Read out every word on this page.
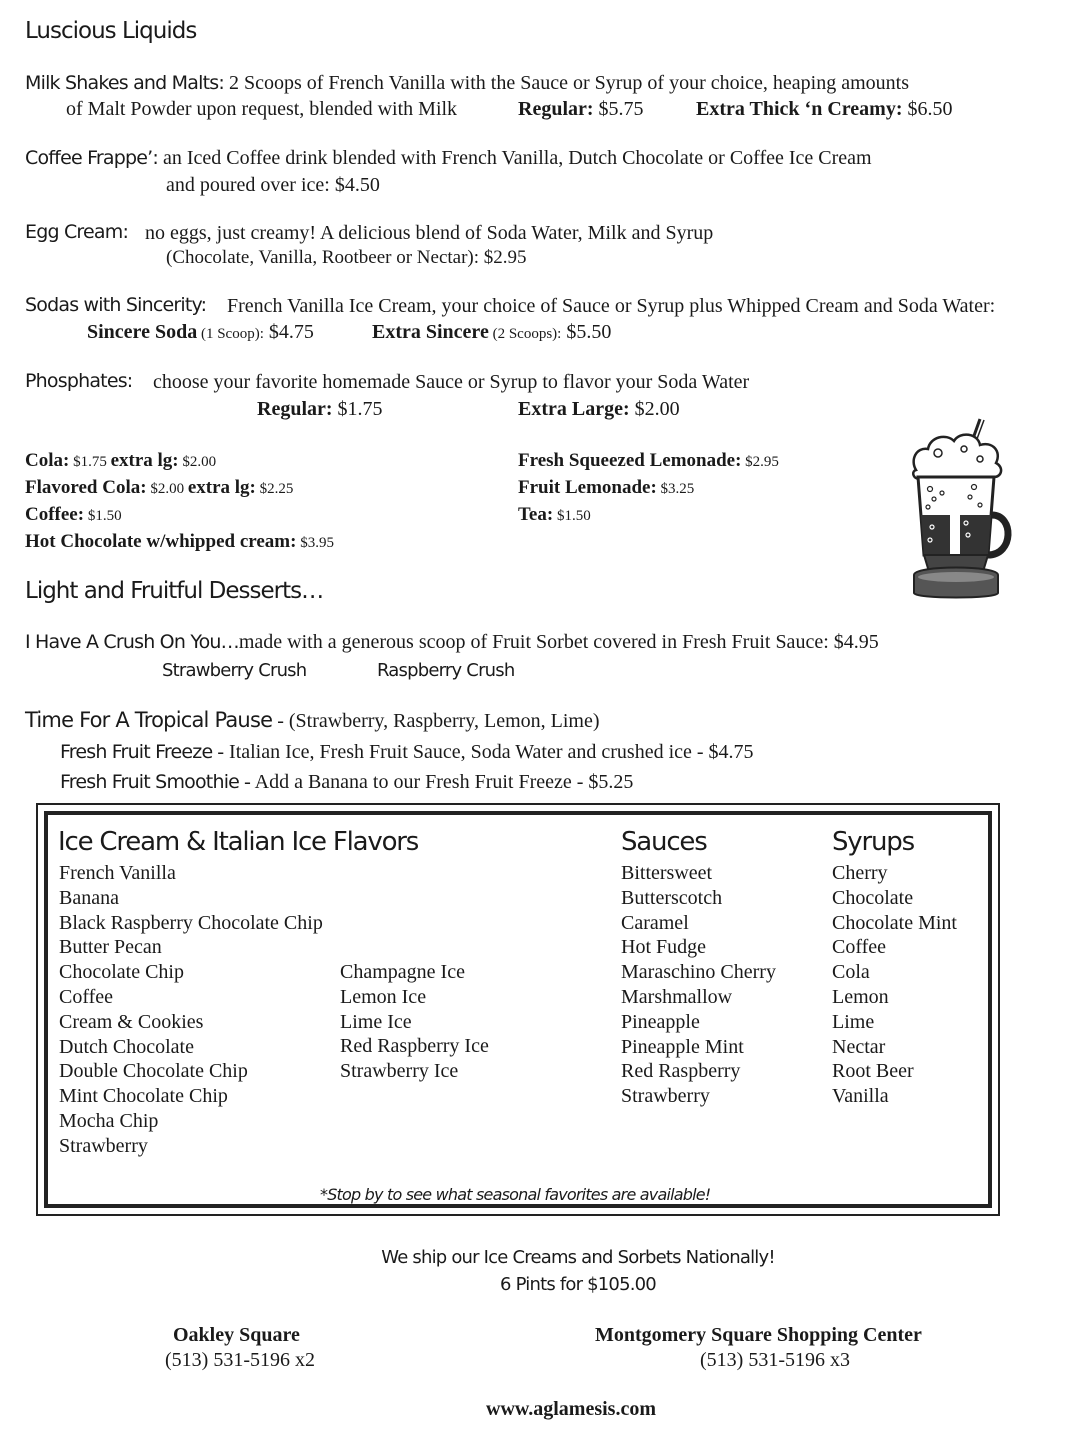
Luscious Liquids
Milk Shakes and Malts: 2 Scoops of French Vanilla with the Sauce or Syrup of your choice, heaping amounts
of Malt Powder upon request, blended with Milk	Regular: $5.75	Extra Thick ‘n Creamy: $6.50
Coffee Frappe’: an Iced Coffee drink blended with French Vanilla, Dutch Chocolate or Coffee Ice Cream
and poured over ice: $4.50
Egg Cream: no eggs, just creamy! A delicious blend of Soda Water, Milk and Syrup
(Chocolate, Vanilla, Rootbeer or Nectar): $2.95
Sodas with Sincerity: French Vanilla Ice Cream, your choice of Sauce or Syrup plus Whipped Cream and Soda Water:
Sincere Soda (1 Scoop): $4.75	Extra Sincere (2 Scoops): $5.50
Phosphates: choose your favorite homemade Sauce or Syrup to flavor your Soda Water
Regular: $1.75	Extra Large: $2.00
Cola: $1.75 extra lg: $2.00
Flavored Cola: $2.00 extra lg: $2.25
Coffee: $1.50
Hot Chocolate w/whipped cream: $3.95
Fresh Squeezed Lemonade: $2.95
Fruit Lemonade: $3.25
Tea: $1.50
Light and Fruitful Desserts…
I Have A Crush On You…made with a generous scoop of Fruit Sorbet covered in Fresh Fruit Sauce: $4.95
Strawberry Crush	Raspberry Crush
Time For A Tropical Pause - (Strawberry, Raspberry, Lemon, Lime)
Fresh Fruit Freeze - Italian Ice, Fresh Fruit Sauce, Soda Water and crushed ice - $4.75
Fresh Fruit Smoothie - Add a Banana to our Fresh Fruit Freeze - $5.25
Ice Cream & Italian Ice Flavors
French Vanilla
Banana
Black Raspberry Chocolate Chip
Butter Pecan
Chocolate Chip
Coffee
Cream & Cookies
Dutch Chocolate
Double Chocolate Chip
Mint Chocolate Chip
Mocha Chip
Strawberry
Champagne Ice
Lemon Ice
Lime Ice
Red Raspberry Ice
Strawberry Ice
Sauces
Bittersweet
Butterscotch
Caramel
Hot Fudge
Maraschino Cherry
Marshmallow
Pineapple
Pineapple Mint
Red Raspberry
Strawberry
Syrups
Cherry
Chocolate
Chocolate Mint
Coffee
Cola
Lemon
Lime
Nectar
Root Beer
Vanilla
*Stop by to see what seasonal favorites are available!
We ship our Ice Creams and Sorbets Nationally!
6 Pints for $105.00
Oakley Square
(513) 531-5196 x2
Montgomery Square Shopping Center
(513) 531-5196 x3
www.aglamesis.com
